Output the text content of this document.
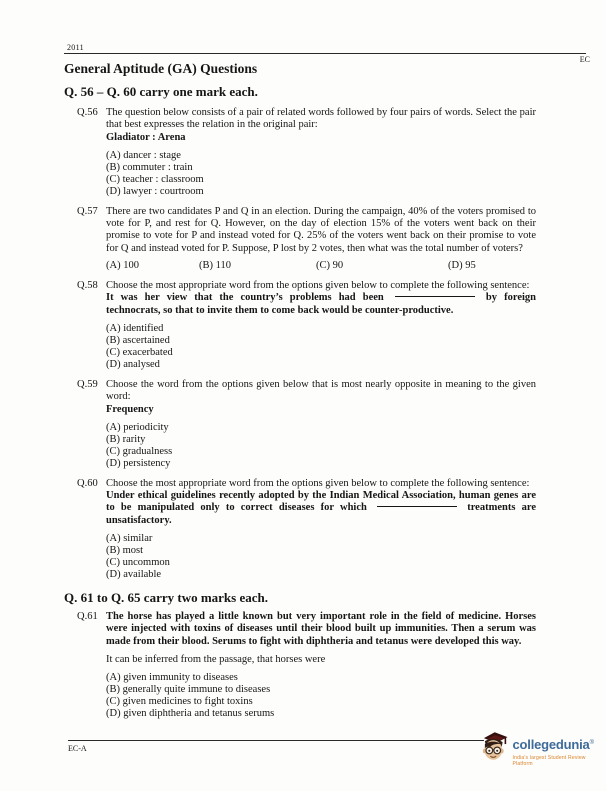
2011
EC
General Aptitude (GA) Questions
Q. 56 – Q. 60 carry one mark each.
Q.56 The question below consists of a pair of related words followed by four pairs of words. Select the pair that best expresses the relation in the original pair:
Gladiator : Arena
(A) dancer : stage
(B) commuter : train
(C) teacher : classroom
(D) lawyer : courtroom
Q.57 There are two candidates P and Q in an election. During the campaign, 40% of the voters promised to vote for P, and rest for Q. However, on the day of election 15% of the voters went back on their promise to vote for P and instead voted for Q. 25% of the voters went back on their promise to vote for Q and instead voted for P. Suppose, P lost by 2 votes, then what was the total number of voters?
(A) 100	(B) 110	(C) 90	(D) 95
Q.58 Choose the most appropriate word from the options given below to complete the following sentence:
It was her view that the country’s problems had been	by foreign technocrats, so that to invite them to come back would be counter-productive.
(A) identified
(B) ascertained
(C) exacerbated
(D) analysed
Q.59 Choose the word from the options given below that is most nearly opposite in meaning to the given word:
Frequency
(A) periodicity
(B) rarity
(C) gradualness
(D) persistency
Q.60 Choose the most appropriate word from the options given below to complete the following sentence:
Under ethical guidelines recently adopted by the Indian Medical Association, human genes are to be manipulated only to correct diseases for which	treatments are unsatisfactory.
(A) similar
(B) most
(C) uncommon
(D) available
Q. 61 to Q. 65 carry two marks each.
Q.61 The horse has played a little known but very important role in the field of medicine. Horses were injected with toxins of diseases until their blood built up immunities. Then a serum was made from their blood. Serums to fight with diphtheria and tetanus were developed this way.
It can be inferred from the passage, that horses were
(A) given immunity to diseases
(B) generally quite immune to diseases
(C) given medicines to fight toxins
(D) given diphtheria and tetanus serums
EC-A	collegedunia®
India's largest Student Review Platform
